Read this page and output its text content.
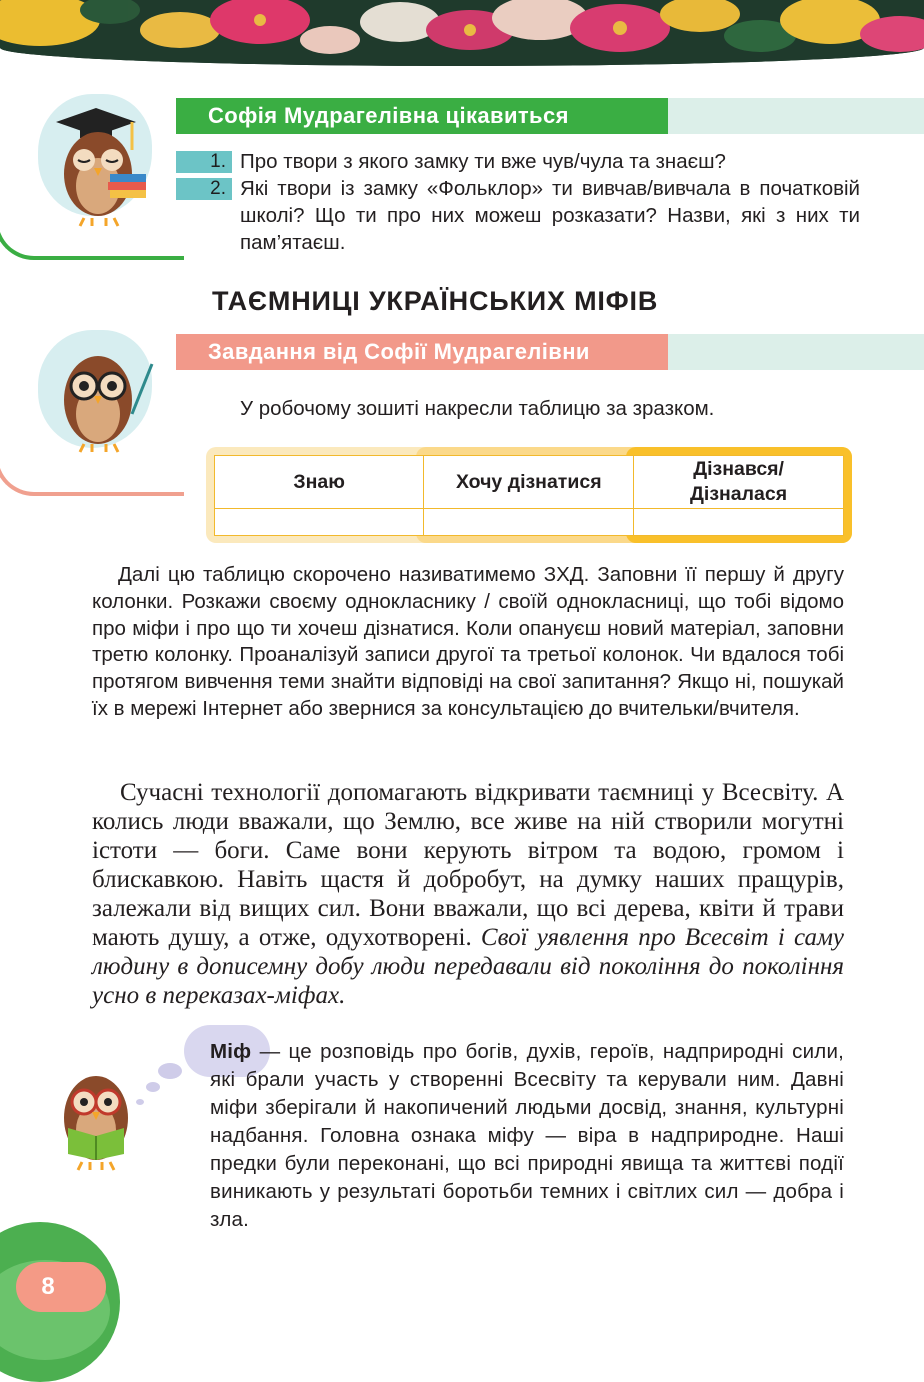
Софія Мудрагелівна цікавиться
1. Про твори з якого замку ти вже чув/чула та знаєш?
2. Які твори із замку «Фольклор» ти вивчав/вивчала в початковій школі? Що ти про них можеш розказати? Назви, які з них ти пам’ятаєш.
ТАЄМНИЦІ УКРАЇНСЬКИХ МІФІВ
Завдання від Софії Мудрагелівни
У робочому зошиті накресли таблицю за зразком.
Знаю	Хочу дізнатися	Дізнався/
Дізналася

Далі цю таблицю скорочено називатимемо ЗХД. Заповни її першу й другу колонки. Розкажи своєму однокласнику / своїй однокласниці, що тобі відомо про міфи і про що ти хочеш дізнатися. Коли опануєш новий матеріал, заповни третю колонку. Проаналізуй записи другої та третьої колонок. Чи вдалося тобі протягом вивчення теми знайти відповіді на свої запитання? Якщо ні, пошукай їх в мережі Інтернет або звернися за консультацією до вчительки/вчителя.
Сучасні технології допомагають відкривати таємниці у Всесвіту. А колись люди вважали, що Землю, все живе на ній створили могутні істоти — боги. Саме вони керують вітром та водою, громом і блискавкою. Навіть щастя й добробут, на думку наших пращурів, залежали від вищих сил. Вони вважали, що всі дерева, квіти й трави мають душу, а отже, одухотворені. Свої уявлення про Всесвіт і саму людину в дописемну добу люди передавали від покоління до покоління усно в переказах-міфах.
Міф — це розповідь про богів, духів, героїв, надприродні сили, які брали участь у створенні Всесвіту та керували ним. Давні міфи зберігали й накопичений людьми досвід, знання, культурні надбання. Головна ознака міфу — віра в надприродне. Наші предки були переконані, що всі природні явища та життєві події виникають у результаті боротьби темних і світлих сил — добра і зла.
8
